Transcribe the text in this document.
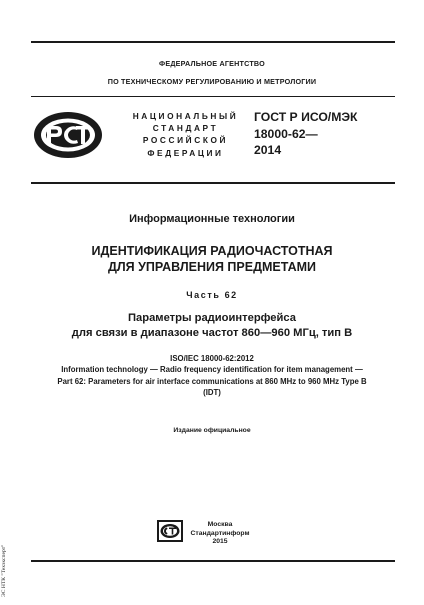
ФЕДЕРАЛЬНОЕ АГЕНТСТВО
ПО ТЕХНИЧЕСКОМУ РЕГУЛИРОВАНИЮ И МЕТРОЛОГИИ
НАЦИОНАЛЬНЫЙ
СТАНДАРТ
РОССИЙСКОЙ
ФЕДЕРАЦИИ
ГОСТ Р ИСО/МЭК
18000-62—
2014
Информационные технологии
ИДЕНТИФИКАЦИЯ РАДИОЧАСТОТНАЯ
ДЛЯ УПРАВЛЕНИЯ ПРЕДМЕТАМИ
Часть 62
Параметры радиоинтерфейса
для связи в диапазоне частот 860—960 МГц, тип В
ISO/IEC 18000-62:2012
Information technology — Radio frequency identification for item management —
Part 62: Parameters for air interface communications at 860 MHz to 960 MHz Type B
(IDT)
Издание официальное
Москва
Стандартинформ
2015
ЭС НТК "Техэксперт"
